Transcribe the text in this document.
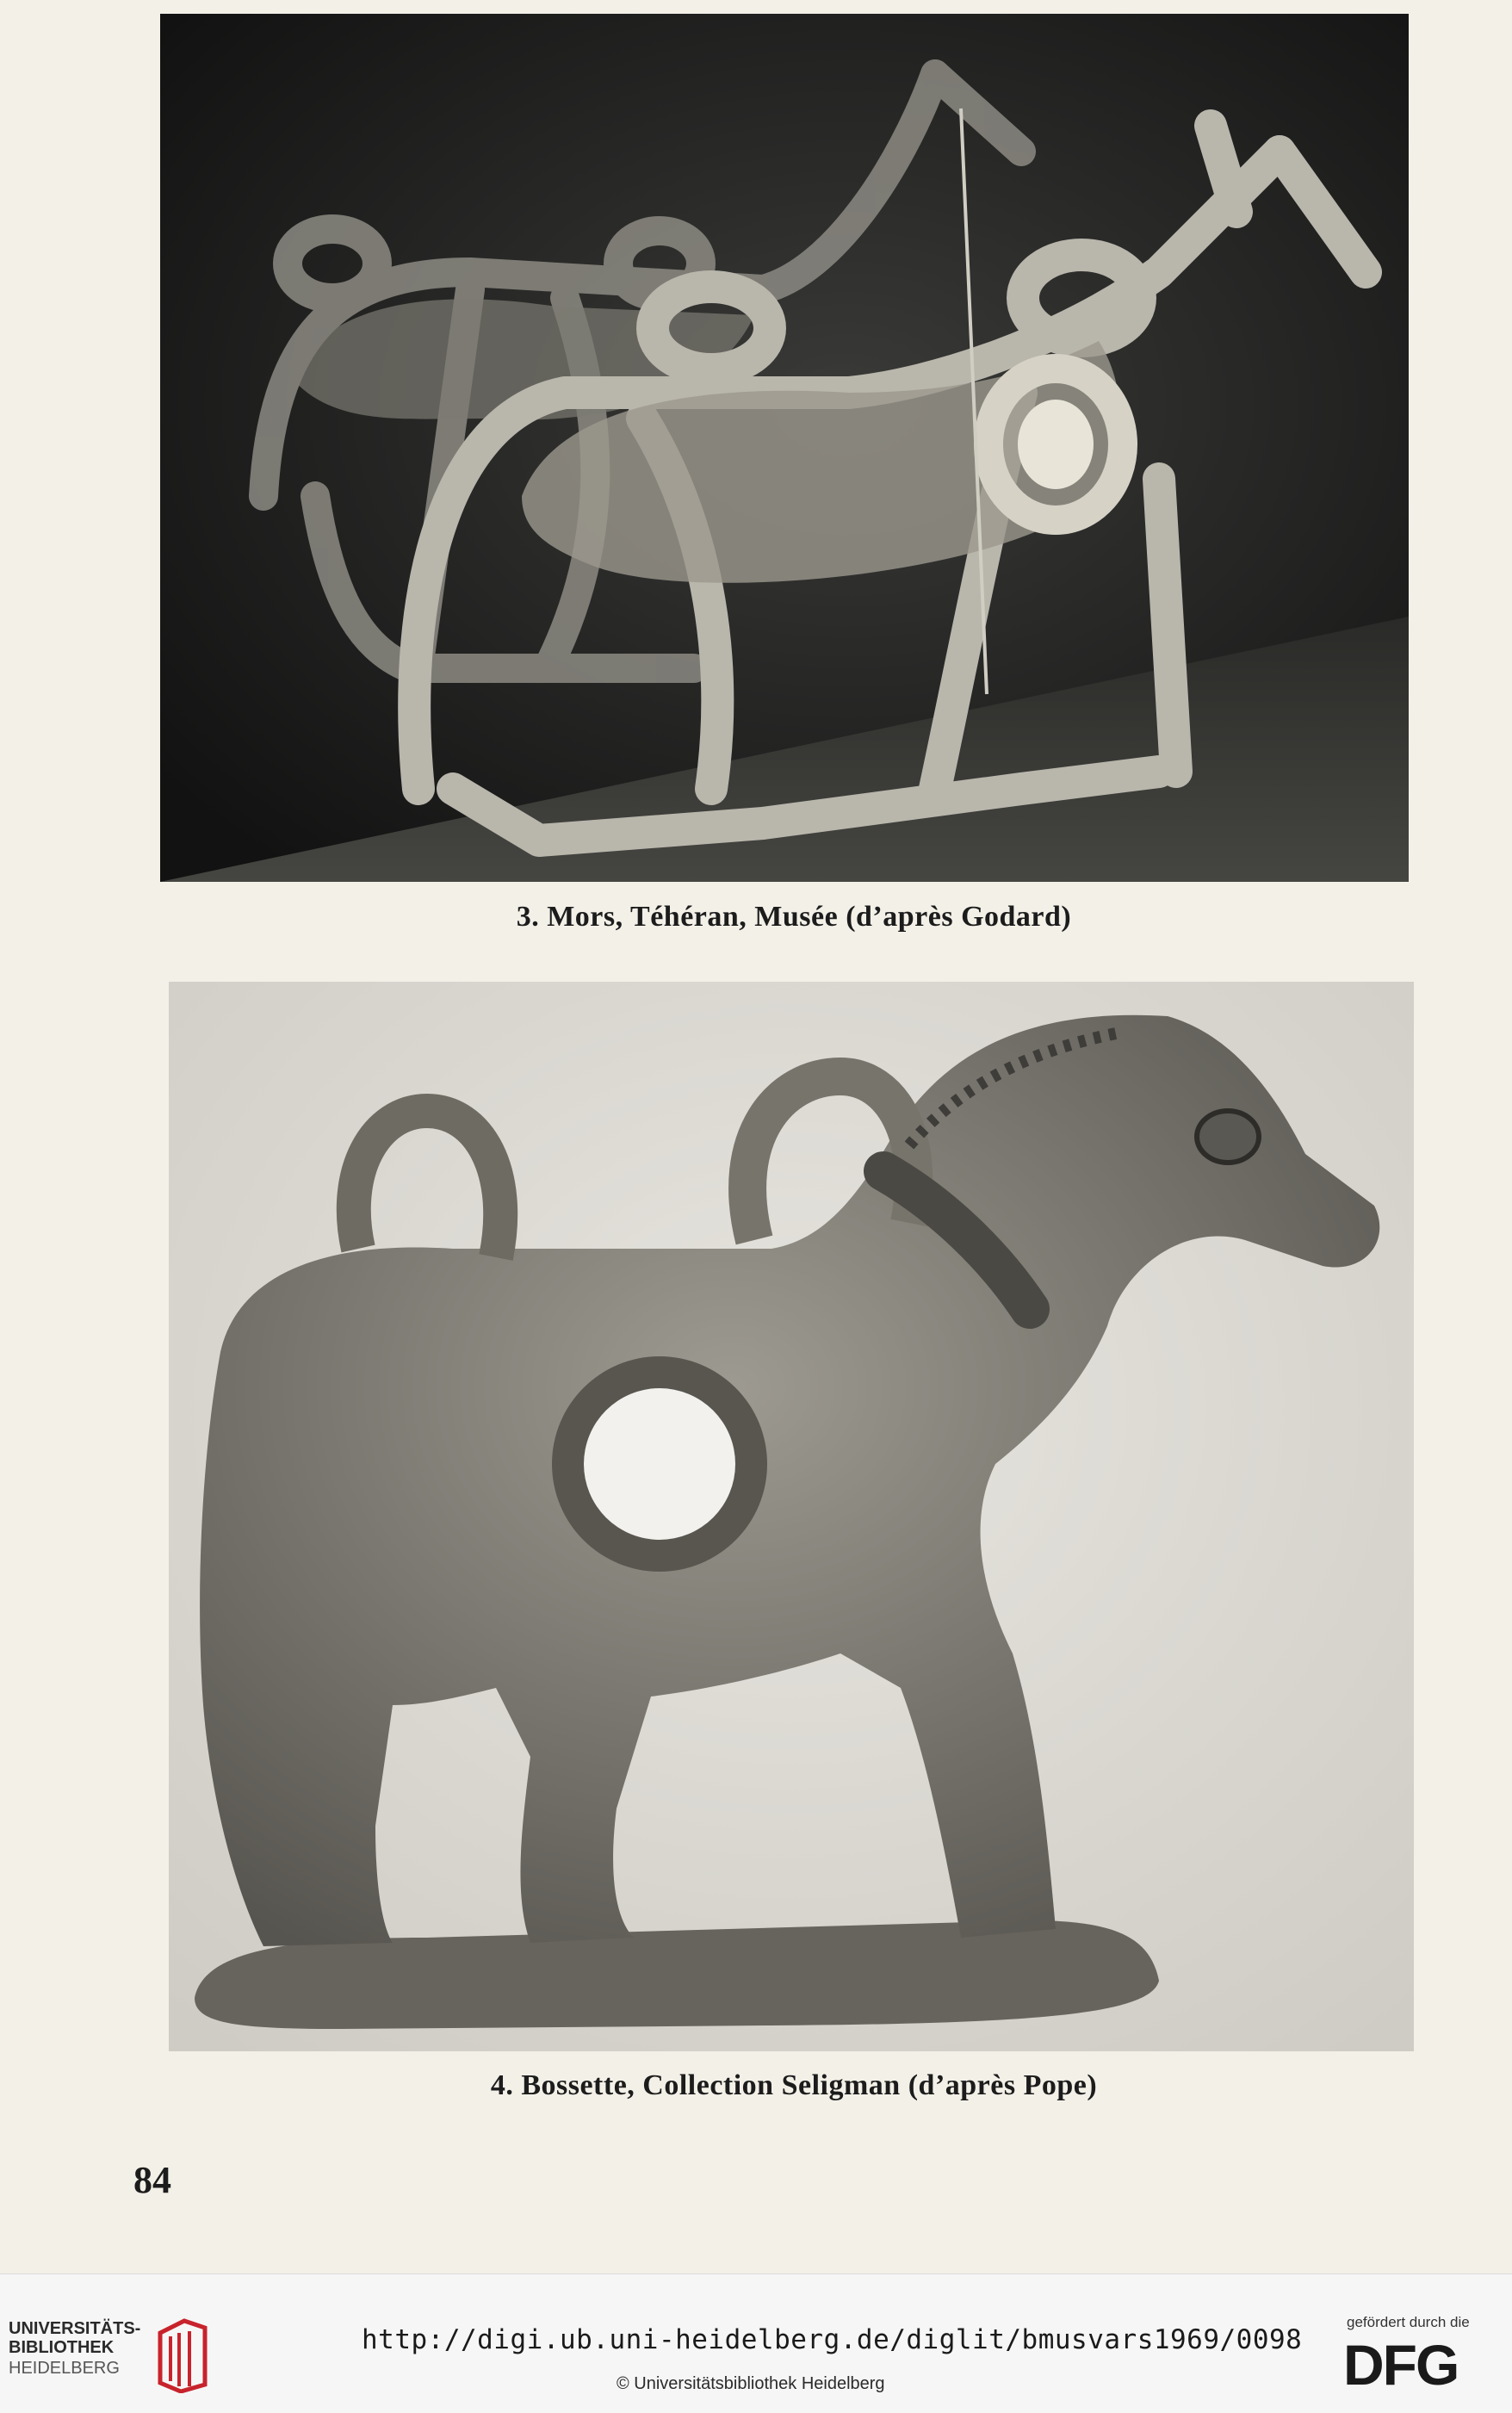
3. Mors, Téhéran, Musée (d’après Godard)
4. Bossette, Collection Seligman (d’après Pope)
84
UNIVERSITÄTS-
BIBLIOTHEK
HEIDELBERG
http://digi.ub.uni-heidelberg.de/diglit/bmusvars1969/0098
© Universitätsbibliothek Heidelberg
gefördert durch die
DFG
